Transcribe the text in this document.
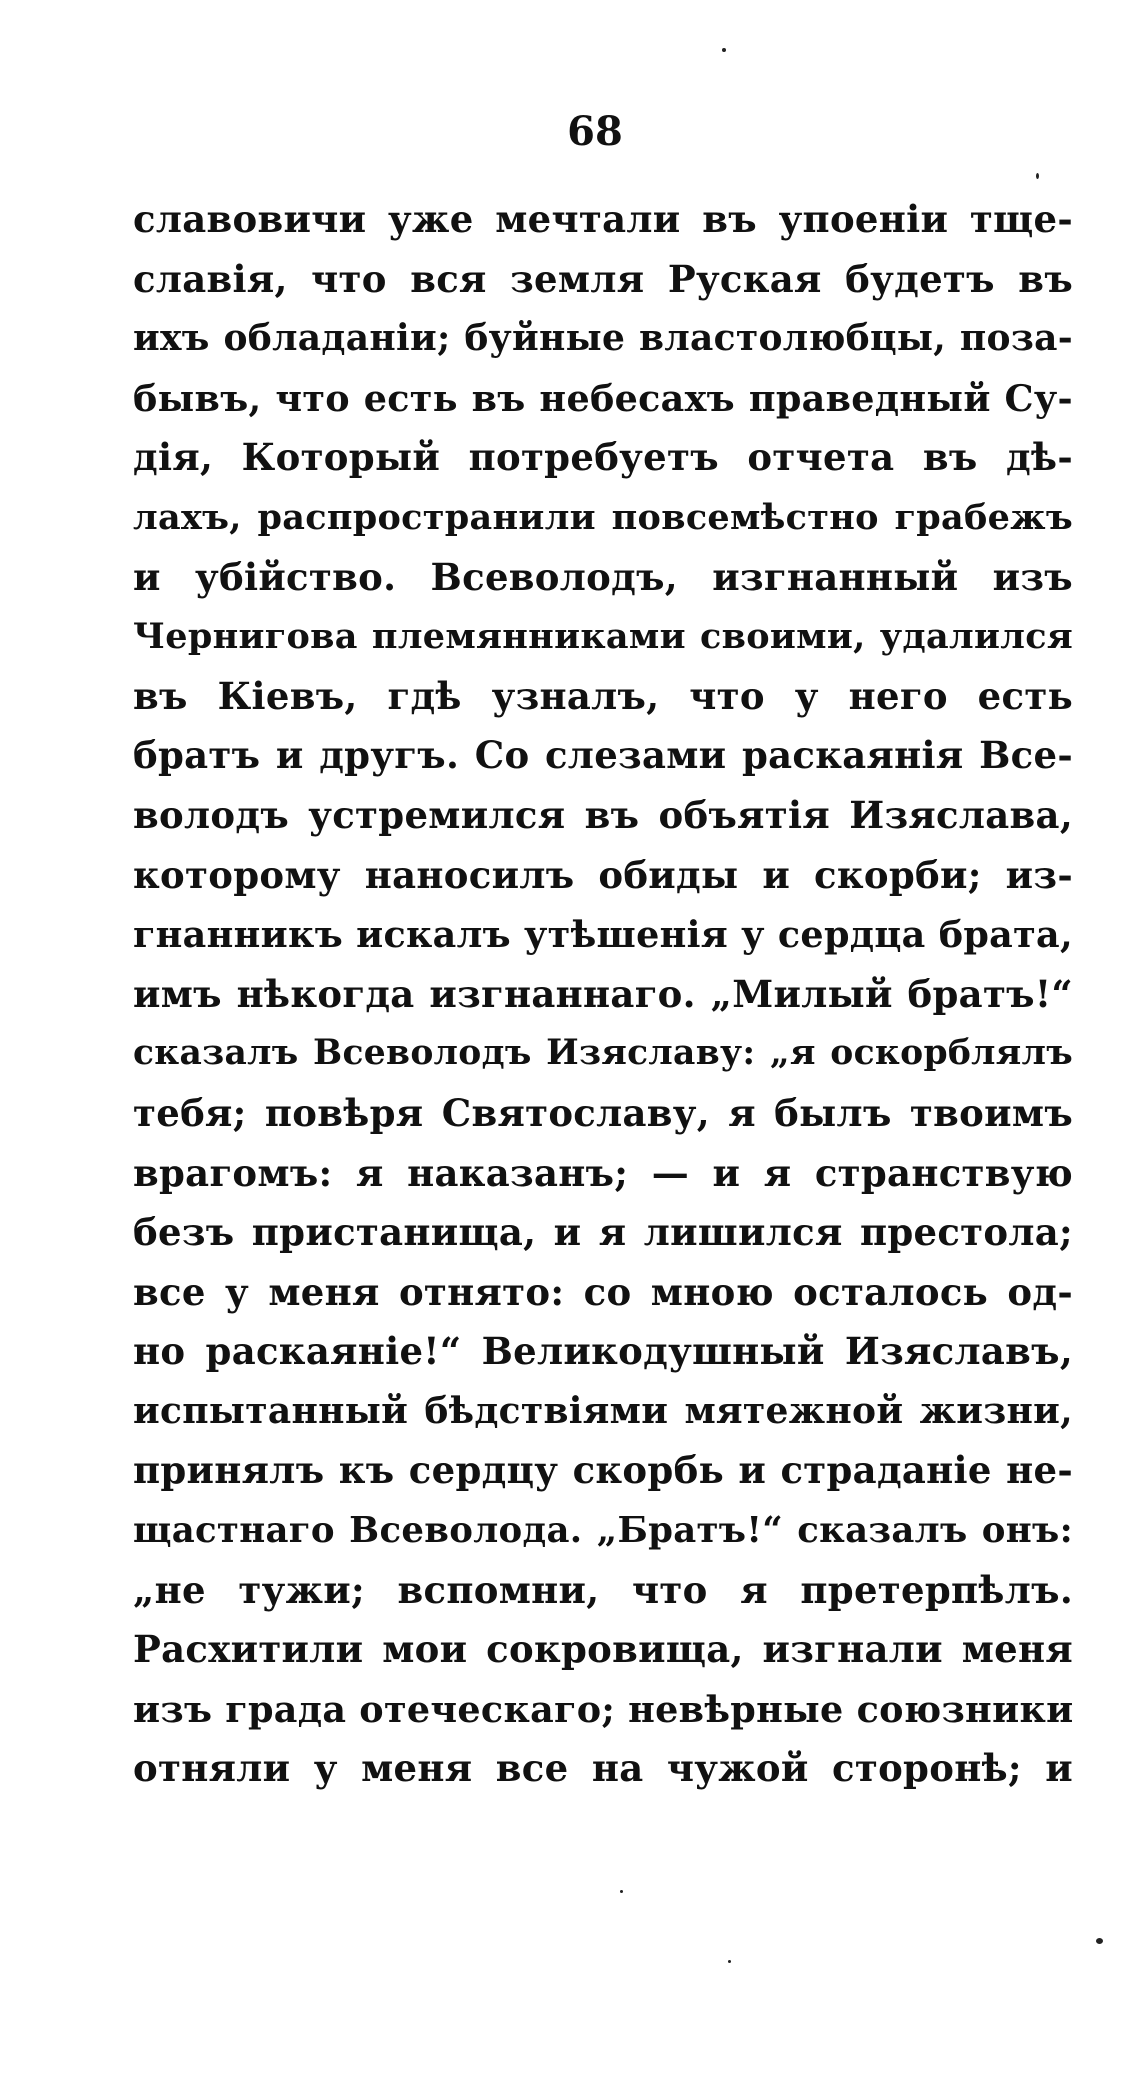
68
славовичи уже мечтали въ упоеніи тще-
славія, что вся земля Руская будетъ въ
ихъ обладаніи; буйные властолюбцы, поза-
бывъ, что есть въ небесахъ праведный Су-
дія, Который потребуетъ отчета въ дѣ-
лахъ, распространили повсемѣстно грабежъ
и убійство. Всеволодъ, изгнанный изъ
Чернигова племянниками своими, удалился
въ Кіевъ, гдѣ узналъ, что у него есть
братъ и другъ. Со слезами раскаянія Все-
володъ устремился въ объятія Изяслава,
которому наносилъ обиды и скорби; из-
гнанникъ искалъ утѣшенія у сердца брата,
имъ нѣкогда изгнаннаго. „Милый братъ!“
сказалъ Всеволодъ Изяславу: „я оскорблялъ
тебя; повѣря Святославу, я былъ твоимъ
врагомъ: я наказанъ; — и я странствую
безъ пристанища, и я лишился престола;
все у меня отнято: со мною осталось од-
но раскаяніе!“ Великодушный Изяславъ,
испытанный бѣдствіями мятежной жизни,
принялъ къ сердцу скорбь и страданіе не-
щастнаго Всеволода. „Братъ!“ сказалъ онъ:
„не тужи; вспомни, что я претерпѣлъ.
Расхитили мои сокровища, изгнали меня
изъ града отеческаго; невѣрные союзники
отняли у меня все на чужой сторонѣ; и
